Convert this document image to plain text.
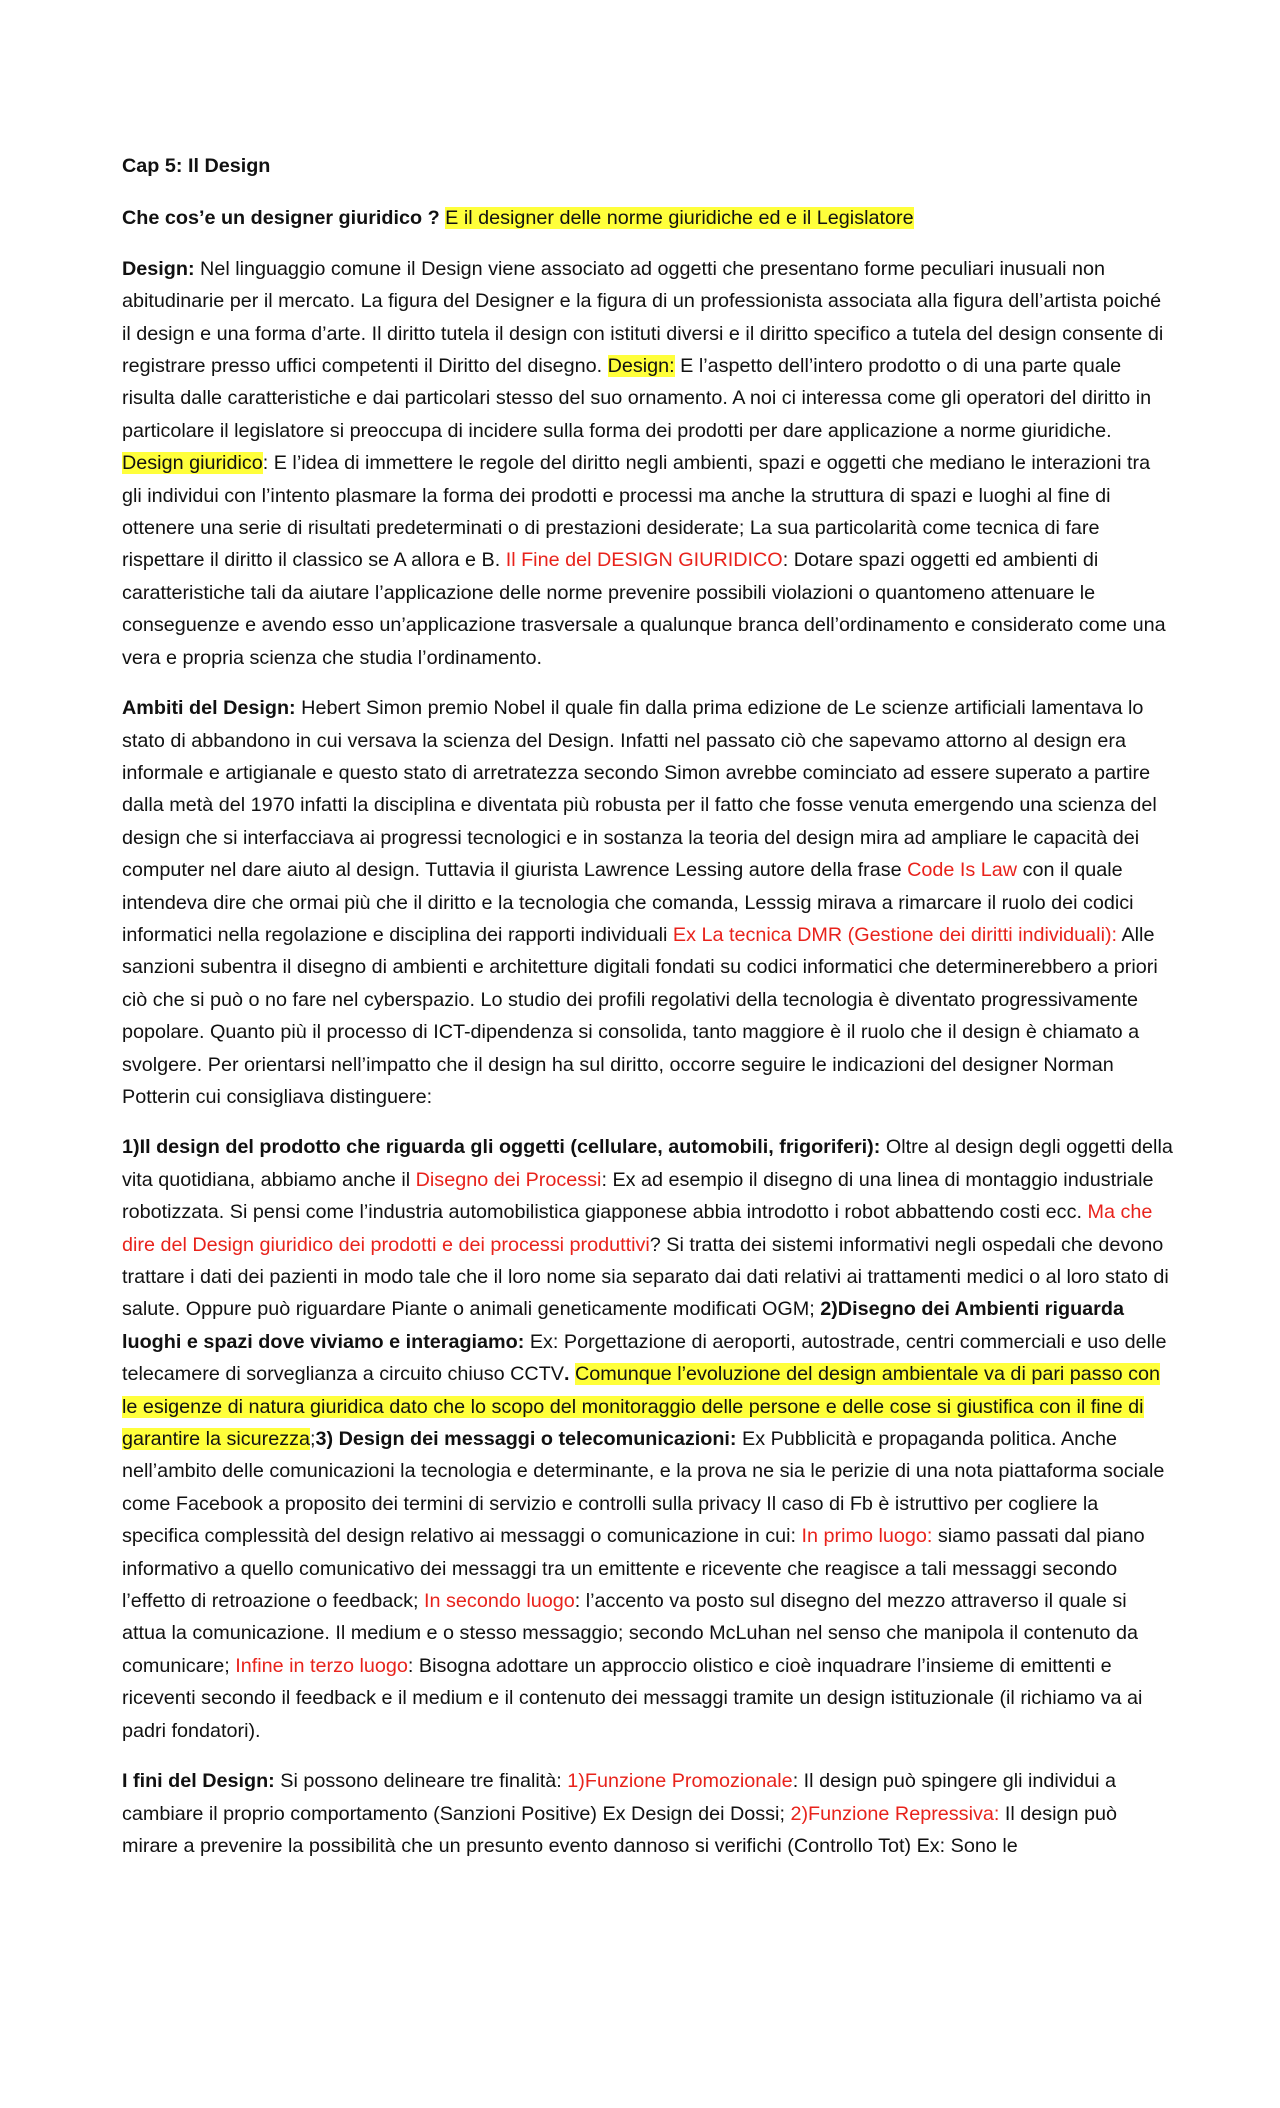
Cap 5: Il Design

Che cos’e un designer giuridico ? E il designer delle norme giuridiche ed e il Legislatore

Design: Nel linguaggio comune il Design viene associato ad oggetti che presentano forme peculiari inusuali non abitudinarie per il mercato. La figura del Designer e la figura di un professionista associata alla figura dell’artista poiché il design e una forma d’arte. Il diritto tutela il design con istituti diversi e il diritto specifico a tutela del design consente di registrare presso uffici competenti il Diritto del disegno. Design: E l’aspetto dell’intero prodotto o di una parte quale risulta dalle caratteristiche e dai particolari stesso del suo ornamento. A noi ci interessa come gli operatori del diritto in particolare il legislatore si preoccupa di incidere sulla forma dei prodotti per dare applicazione a norme giuridiche. Design giuridico: E l’idea di immettere le regole del diritto negli ambienti, spazi e oggetti che mediano le interazioni tra gli individui con l’intento plasmare la forma dei prodotti e processi ma anche la struttura di spazi e luoghi al fine di ottenere una serie di risultati predeterminati o di prestazioni desiderate; La sua particolarità come tecnica di fare rispettare il diritto il classico se A allora e B. Il Fine del DESIGN GIURIDICO: Dotare spazi oggetti ed ambienti di caratteristiche tali da aiutare l’applicazione delle norme prevenire possibili violazioni o quantomeno attenuare le conseguenze e avendo esso un’applicazione trasversale a qualunque branca dell’ordinamento e considerato come una vera e propria scienza che studia l’ordinamento.

Ambiti del Design: Hebert Simon premio Nobel il quale fin dalla prima edizione de Le scienze artificiali lamentava lo stato di abbandono in cui versava la scienza del Design. Infatti nel passato ciò che sapevamo attorno al design era informale e artigianale e questo stato di arretratezza secondo Simon avrebbe cominciato ad essere superato a partire dalla metà del 1970 infatti la disciplina e diventata più robusta per il fatto che fosse venuta emergendo una scienza del design che si interfacciava ai progressi tecnologici e in sostanza la teoria del design mira ad ampliare le capacità dei computer nel dare aiuto al design. Tuttavia il giurista Lawrence Lessing autore della frase Code Is Law con il quale intendeva dire che ormai più che il diritto e la tecnologia che comanda, Lesssig mirava a rimarcare il ruolo dei codici informatici nella regolazione e disciplina dei rapporti individuali Ex La tecnica DMR (Gestione dei diritti individuali): Alle sanzioni subentra il disegno di ambienti e architetture digitali fondati su codici informatici che determinerebbero a priori ciò che si può o no fare nel cyberspazio. Lo studio dei profili regolativi della tecnologia è diventato progressivamente popolare. Quanto più il processo di ICT-dipendenza si consolida, tanto maggiore è il ruolo che il design è chiamato a svolgere. Per orientarsi nell’impatto che il design ha sul diritto, occorre seguire le indicazioni del designer Norman Potterin cui consigliava distinguere:

1)Il design del prodotto che riguarda gli oggetti (cellulare, automobili, frigoriferi): Oltre al design degli oggetti della vita quotidiana, abbiamo anche il Disegno dei Processi: Ex ad esempio il disegno di una linea di montaggio industriale robotizzata. Si pensi come l’industria automobilistica giapponese abbia introdotto i robot abbattendo costi ecc. Ma che dire del Design giuridico dei prodotti e dei processi produttivi? Si tratta dei sistemi informativi negli ospedali che devono trattare i dati dei pazienti in modo tale che il loro nome sia separato dai dati relativi ai trattamenti medici o al loro stato di salute. Oppure può riguardare Piante o animali geneticamente modificati OGM; 2)Disegno dei Ambienti riguarda luoghi e spazi dove viviamo e interagiamo: Ex: Porgettazione di aeroporti, autostrade, centri commerciali e uso delle telecamere di sorveglianza a circuito chiuso CCTV. Comunque l’evoluzione del design ambientale va di pari passo con le esigenze di natura giuridica dato che lo scopo del monitoraggio delle persone e delle cose si giustifica con il fine di garantire la sicurezza;3) Design dei messaggi o telecomunicazioni: Ex Pubblicità e propaganda politica. Anche nell’ambito delle comunicazioni la tecnologia e determinante, e la prova ne sia le perizie di una nota piattaforma sociale come Facebook a proposito dei termini di servizio e controlli sulla privacy Il caso di Fb è istruttivo per cogliere la specifica complessità del design relativo ai messaggi o comunicazione in cui: In primo luogo: siamo passati dal piano informativo a quello comunicativo dei messaggi tra un emittente e ricevente che reagisce a tali messaggi secondo l’effetto di retroazione o feedback; In secondo luogo: l’accento va posto sul disegno del mezzo attraverso il quale si attua la comunicazione. Il medium e o stesso messaggio; secondo McLuhan nel senso che manipola il contenuto da comunicare; Infine in terzo luogo: Bisogna adottare un approccio olistico e cioè inquadrare l’insieme di emittenti e riceventi secondo il feedback e il medium e il contenuto dei messaggi tramite un design istituzionale (il richiamo va ai padri fondatori).

I fini del Design: Si possono delineare tre finalità: 1)Funzione Promozionale: Il design può spingere gli individui a cambiare il proprio comportamento (Sanzioni Positive) Ex Design dei Dossi; 2)Funzione Repressiva: Il design può mirare a prevenire la possibilità che un presunto evento dannoso si verifichi (Controllo Tot) Ex: Sono le
